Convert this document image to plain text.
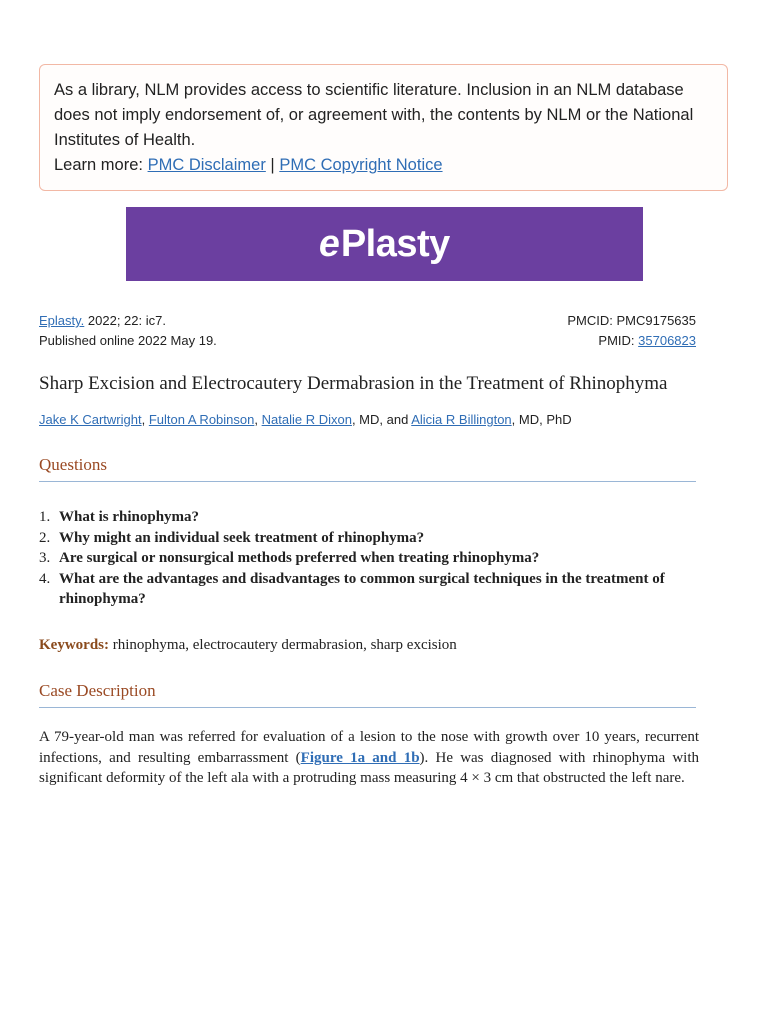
As a library, NLM provides access to scientific literature. Inclusion in an NLM database does not imply endorsement of, or agreement with, the contents by NLM or the National Institutes of Health.
Learn more: PMC Disclaimer | PMC Copyright Notice
e
Plasty
Eplasty. 2022; 22: ic7.
Published online 2022 May 19.
PMCID: PMC9175635
PMID: 35706823
Sharp Excision and Electrocautery Dermabrasion in the Treatment of Rhinophyma
Jake K Cartwright, Fulton A Robinson, Natalie R Dixon, MD, and Alicia R Billington, MD, PhD
Questions
1. What is rhinophyma?
2. Why might an individual seek treatment of rhinophyma?
3. Are surgical or nonsurgical methods preferred when treating rhinophyma?
4. What are the advantages and disadvantages to common surgical techniques in the treatment of rhinophyma?
Keywords: rhinophyma, electrocautery dermabrasion, sharp excision
Case Description

A 79-year-old man was referred for evaluation of a lesion to the nose with growth over 10 years, recurrent infections, and resulting embarrassment (Figure 1a and 1b). He was diagnosed with rhinophyma with significant deformity of the left ala with a protruding mass measuring 4 × 3 cm that obstructed the left nare.
